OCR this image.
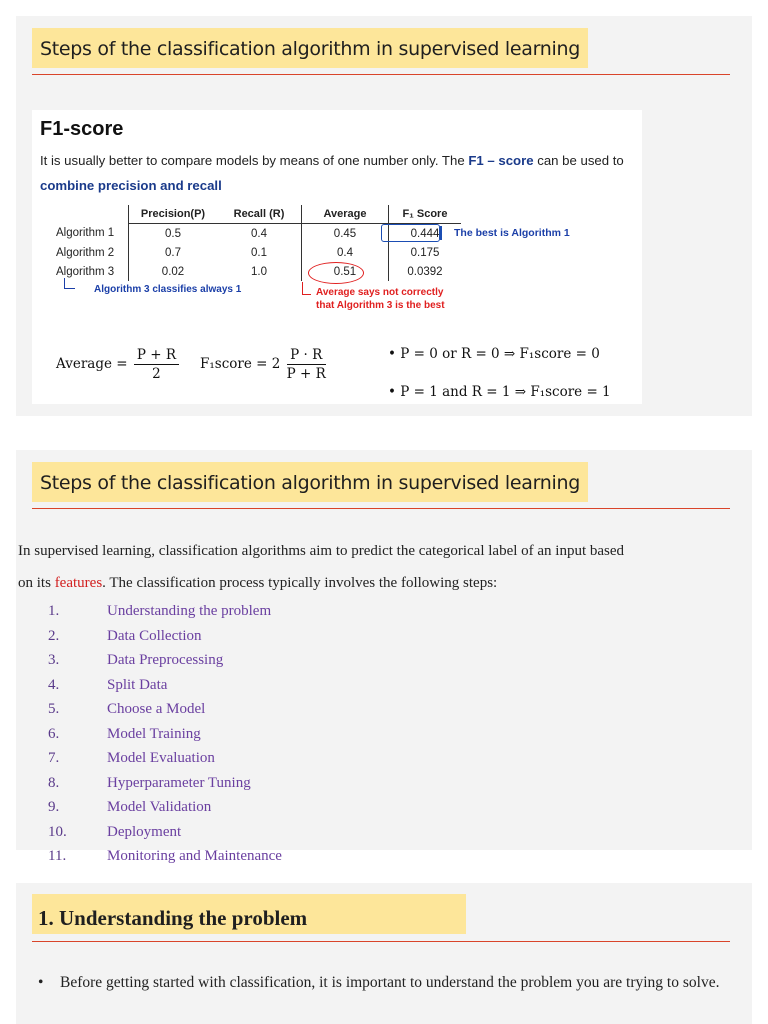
Steps of the classification algorithm in supervised learning
F1-score
It is usually better to compare models by means of one number only. The F1 – score can be used to combine precision and recall
	Precision(P)	Recall (R)	Average	F₁ Score
Algorithm 1	0.5	0.4	0.45	0.444
Algorithm 2	0.7	0.1	0.4	0.175
Algorithm 3	0.02	1.0	0.51	0.0392
The best is Algorithm 1
Average says not correctly
that Algorithm 3 is the best
Algorithm 3 classifies always 1
Average = $\frac{P + R}{2}$ F₁score = $2 \frac{P \cdot R}{P + R}$	• P = 0 or R = 0 ⇒ F₁score = 0
• P = 1 and R = 1 ⇒ F₁score = 1
Steps of the classification algorithm in supervised learning
In supervised learning, classification algorithms aim to predict the categorical label of an input based
on its features. The classification process typically involves the following steps:
1.	Understanding the problem
2.	Data Collection
3.	Data Preprocessing
4.	Split Data
5.	Choose a Model
6.	Model Training
7.	Model Evaluation
8.	Hyperparameter Tuning
9.	Model Validation
10.	Deployment
11.	Monitoring and Maintenance
1. Understanding the problem
• Before getting started with classification, it is important to understand the problem you are trying to solve.
